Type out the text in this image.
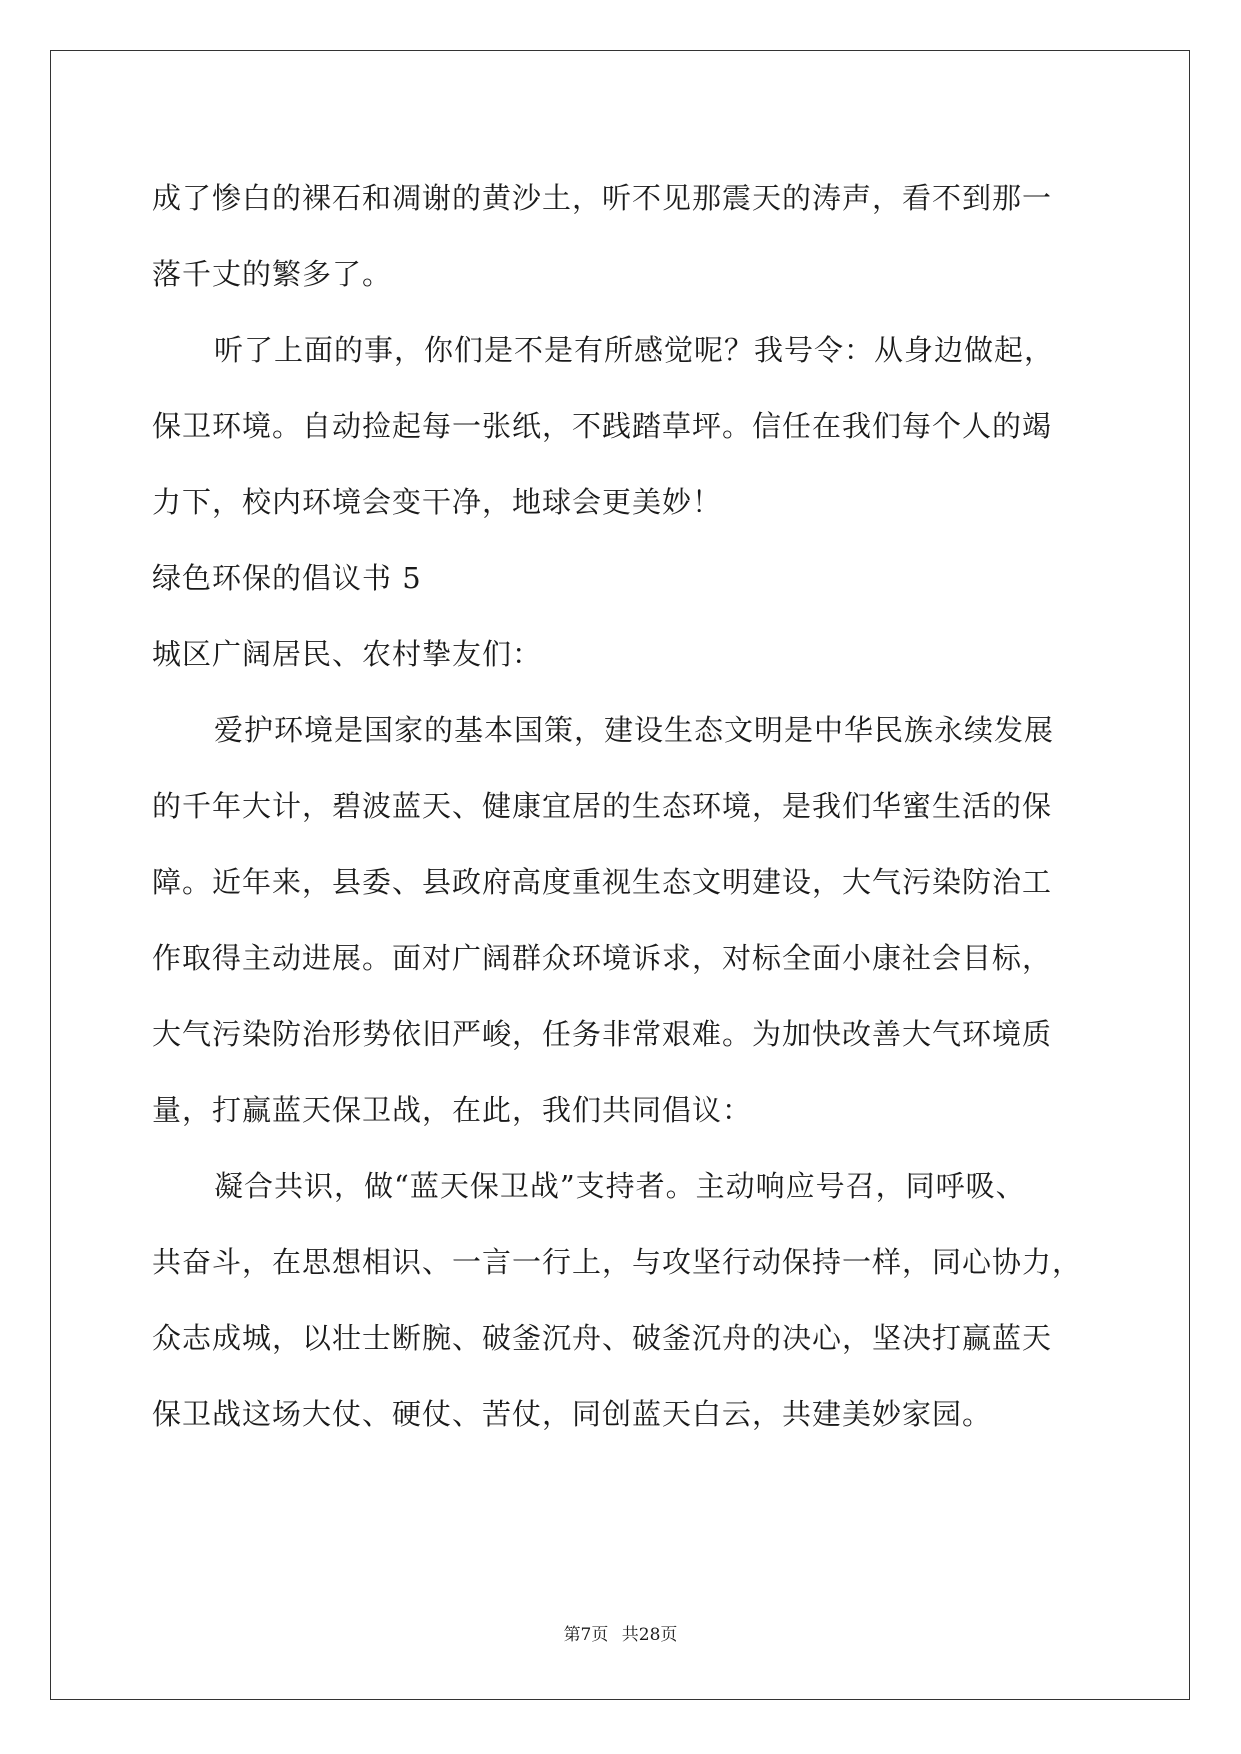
成了惨白的裸石和凋谢的黄沙土，听不见那震天的涛声，看不到那一
落千丈的繁多了。
听了上面的事，你们是不是有所感觉呢？我号令：从身边做起，
保卫环境。自动捡起每一张纸，不践踏草坪。信任在我们每个人的竭
力下，校内环境会变干净，地球会更美妙！
绿色环保的倡议书 5
城区广阔居民、农村挚友们：
爱护环境是国家的基本国策，建设生态文明是中华民族永续发展
的千年大计，碧波蓝天、健康宜居的生态环境，是我们华蜜生活的保
障。近年来，县委、县政府高度重视生态文明建设，大气污染防治工
作取得主动进展。面对广阔群众环境诉求，对标全面小康社会目标，
大气污染防治形势依旧严峻，任务非常艰难。为加快改善大气环境质
量，打赢蓝天保卫战，在此，我们共同倡议：
凝合共识，做“蓝天保卫战”支持者。主动响应号召，同呼吸、
共奋斗，在思想相识、一言一行上，与攻坚行动保持一样，同心协力，
众志成城，以壮士断腕、破釜沉舟、破釜沉舟的决心，坚决打赢蓝天
保卫战这场大仗、硬仗、苦仗，同创蓝天白云，共建美妙家园。
第7页 共28页
